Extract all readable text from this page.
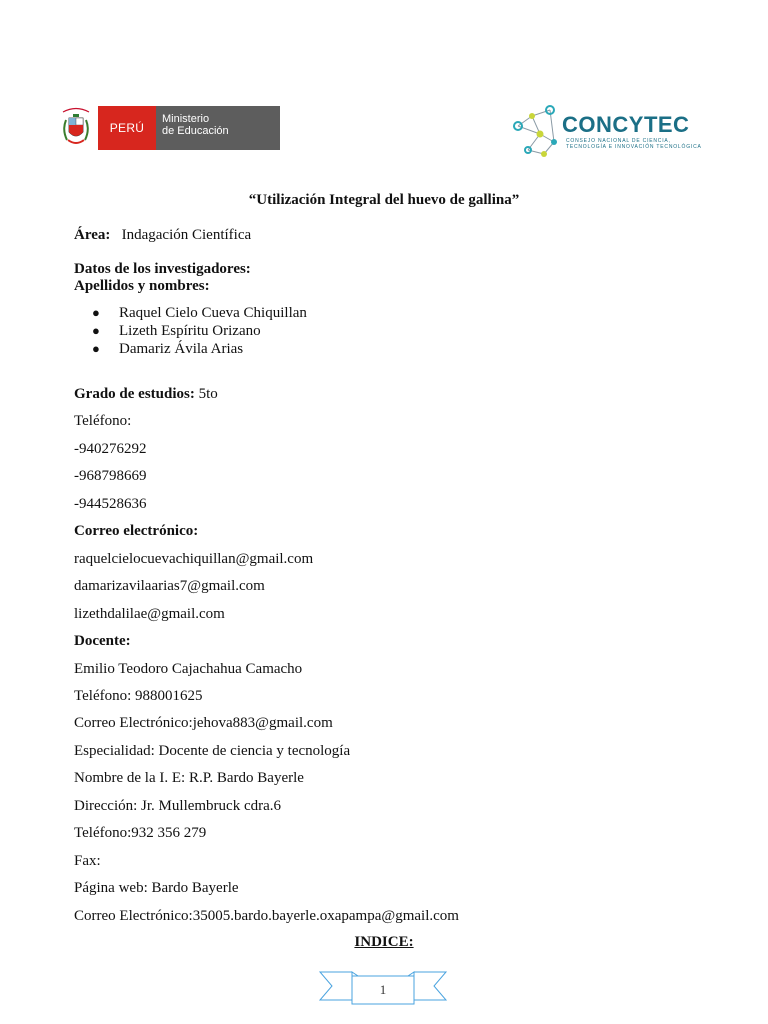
PERÚ
Ministerio
de Educación	CONCYTEC
CONSEJO NACIONAL DE CIENCIA,
TECNOLOGÍA E INNOVACIÓN TECNOLÓGICA
“Utilización Integral del huevo de gallina”
Área: Indagación Científica
Datos de los investigadores:
Apellidos y nombres:
● Raquel Cielo Cueva Chiquillan
● Lizeth Espíritu Orizano
● Damariz Ávila Arias
Grado de estudios: 5to
Teléfono:
-940276292
-968798669
-944528636
Correo electrónico:
raquelcielocuevachiquillan@gmail.com
damarizavilaarias7@gmail.com
lizethdalilae@gmail.com
Docente:
Emilio Teodoro Cajachahua Camacho
Teléfono: 988001625
Correo Electrónico:jehova883@gmail.com
Especialidad: Docente de ciencia y tecnología
Nombre de la I. E: R.P. Bardo Bayerle
Dirección: Jr. Mullembruck cdra.6
Teléfono:932 356 279
Fax:
Página web: Bardo Bayerle
Correo Electrónico:35005.bardo.bayerle.oxapampa@gmail.com
INDICE:
1
